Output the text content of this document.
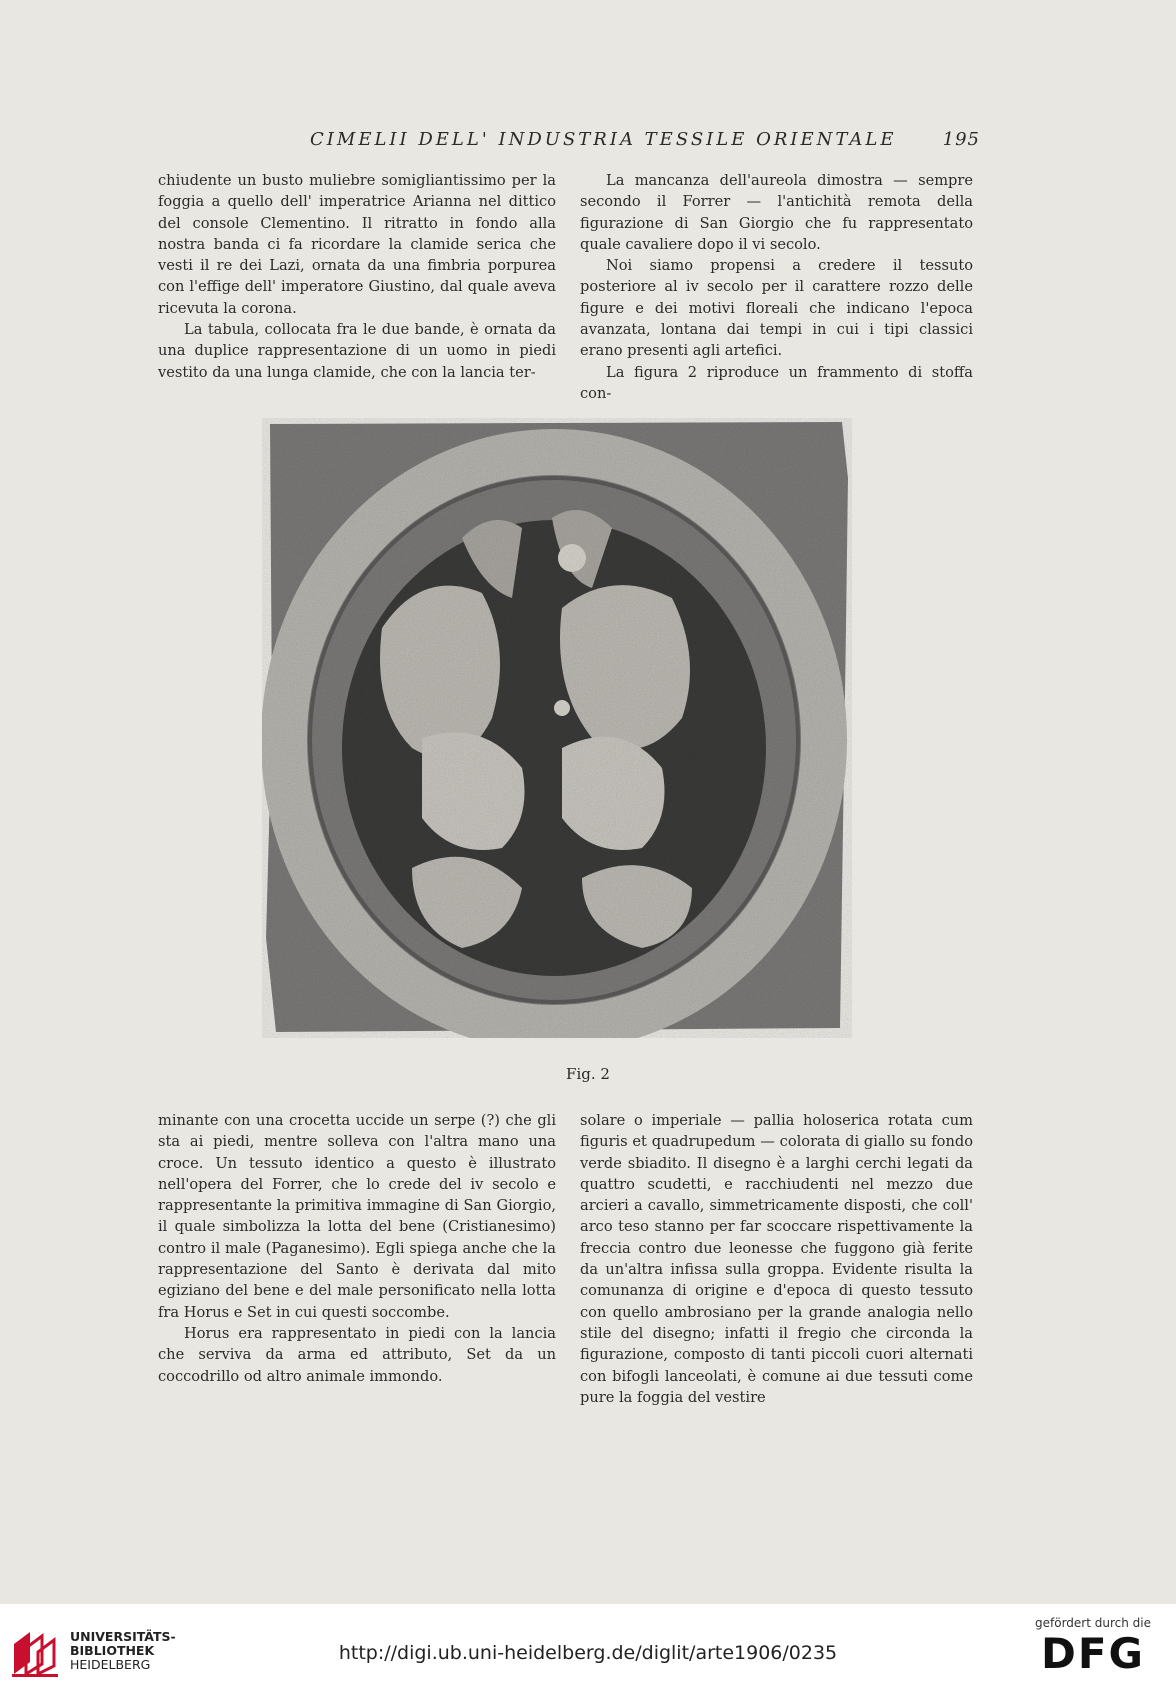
CIMELII DELL' INDUSTRIA TESSILE ORIENTALE	195

chiudente un busto muliebre somigliantissimo per la foggia a quello dell' imperatrice Arianna nel dittico del console Clementino. Il ritratto in fondo alla nostra banda ci fa ricordare la clamide serica che vesti il re dei Lazi, ornata da una fimbria porpurea con l'effige dell' imperatore Giustino, dal quale aveva ricevuta la corona.

La tabula, collocata fra le due bande, è ornata da una duplice rappresentazione di un uomo in piedi vestito da una lunga clamide, che con la lancia ter-

La mancanza dell'aureola dimostra — sempre secondo il Forrer — l'antichità remota della figurazione di San Giorgio che fu rappresentato quale cavaliere dopo il vi secolo.

Noi siamo propensi a credere il tessuto posteriore al iv secolo per il carattere rozzo delle figure e dei motivi floreali che indicano l'epoca avanzata, lontana dai tempi in cui i tipi classici erano presenti agli artefici.

La figura 2 riproduce un frammento di stoffa con-

Fig. 2

minante con una crocetta uccide un serpe (?) che gli sta ai piedi, mentre solleva con l'altra mano una croce. Un tessuto identico a questo è illustrato nell'opera del Forrer, che lo crede del iv secolo e rappresentante la primitiva immagine di San Giorgio, il quale simbolizza la lotta del bene (Cristianesimo) contro il male (Paganesimo). Egli spiega anche che la rappresentazione del Santo è derivata dal mito egiziano del bene e del male personificato nella lotta fra Horus e Set in cui questi soccombe.

Horus era rappresentato in piedi con la lancia che serviva da arma ed attributo, Set da un coccodrillo od altro animale immondo.

solare o imperiale — pallia holoserica rotata cum figuris et quadrupedum — colorata di giallo su fondo verde sbiadito. Il disegno è a larghi cerchi legati da quattro scudetti, e racchiudenti nel mezzo due arcieri a cavallo, simmetricamente disposti, che coll' arco teso stanno per far scoccare rispettivamente la freccia contro due leonesse che fuggono già ferite da un'altra infissa sulla groppa. Evidente risulta la comunanza di origine e d'epoca di questo tessuto con quello ambrosiano per la grande analogia nello stile del disegno; infatti il fregio che circonda la figurazione, composto di tanti piccoli cuori alternati con bifogli lanceolati, è comune ai due tessuti come pure la foggia del vestire

UNIVERSITÄTS-
BIBLIOTHEK
HEIDELBERG
http://digi.ub.uni-heidelberg.de/diglit/arte1906/0235
gefördert durch die
DFG
